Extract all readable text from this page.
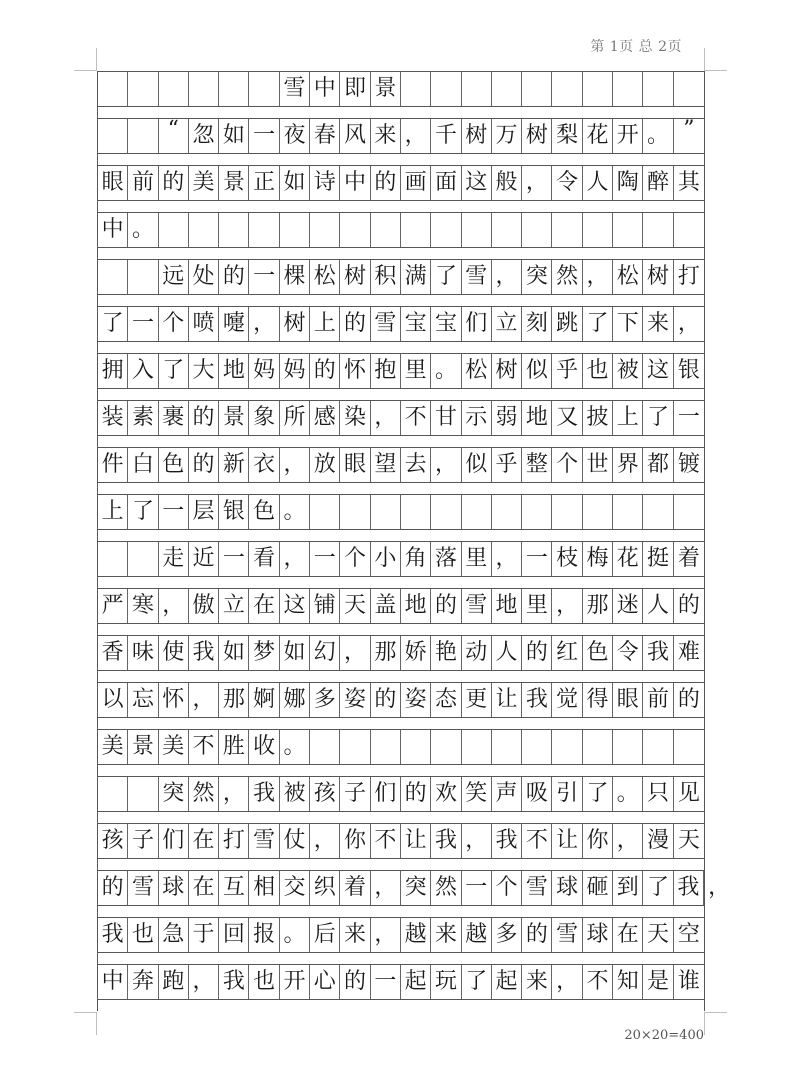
第 1页 总 2页
雪 中 即 景
“ 忽 如 一 夜 春 风 来 ， 千 树 万 树 梨 花 开 。 ”
眼 前 的 美 景 正 如 诗 中 的 画 面 这 般 ， 令 人 陶 醉 其
中 。
远 处 的 一 棵 松 树 积 满 了 雪 ， 突 然 ， 松 树 打
了 一 个 喷 嚏 ， 树 上 的 雪 宝 宝 们 立 刻 跳 了 下 来 ，
拥 入 了 大 地 妈 妈 的 怀 抱 里 。 松 树 似 乎 也 被 这 银
装 素 裹 的 景 象 所 感 染 ， 不 甘 示 弱 地 又 披 上 了 一
件 白 色 的 新 衣 ， 放 眼 望 去 ， 似 乎 整 个 世 界 都 镀
上 了 一 层 银 色 。
走 近 一 看 ， 一 个 小 角 落 里 ， 一 枝 梅 花 挺 着
严 寒 ， 傲 立 在 这 铺 天 盖 地 的 雪 地 里 ， 那 迷 人 的
香 味 使 我 如 梦 如 幻 ， 那 娇 艳 动 人 的 红 色 令 我 难
以 忘 怀 ， 那 婀 娜 多 姿 的 姿 态 更 让 我 觉 得 眼 前 的
美 景 美 不 胜 收 。
突 然 ， 我 被 孩 子 们 的 欢 笑 声 吸 引 了 。 只 见
孩 子 们 在 打 雪 仗 ， 你 不 让 我 ， 我 不 让 你 ， 漫 天
的 雪 球 在 互 相 交 织 着 ， 突 然 一 个 雪 球 砸 到 了 我 ，
我 也 急 于 回 报 。 后 来 ， 越 来 越 多 的 雪 球 在 天 空
中 奔 跑 ， 我 也 开 心 的 一 起 玩 了 起 来 ， 不 知 是 谁
20×20=400
